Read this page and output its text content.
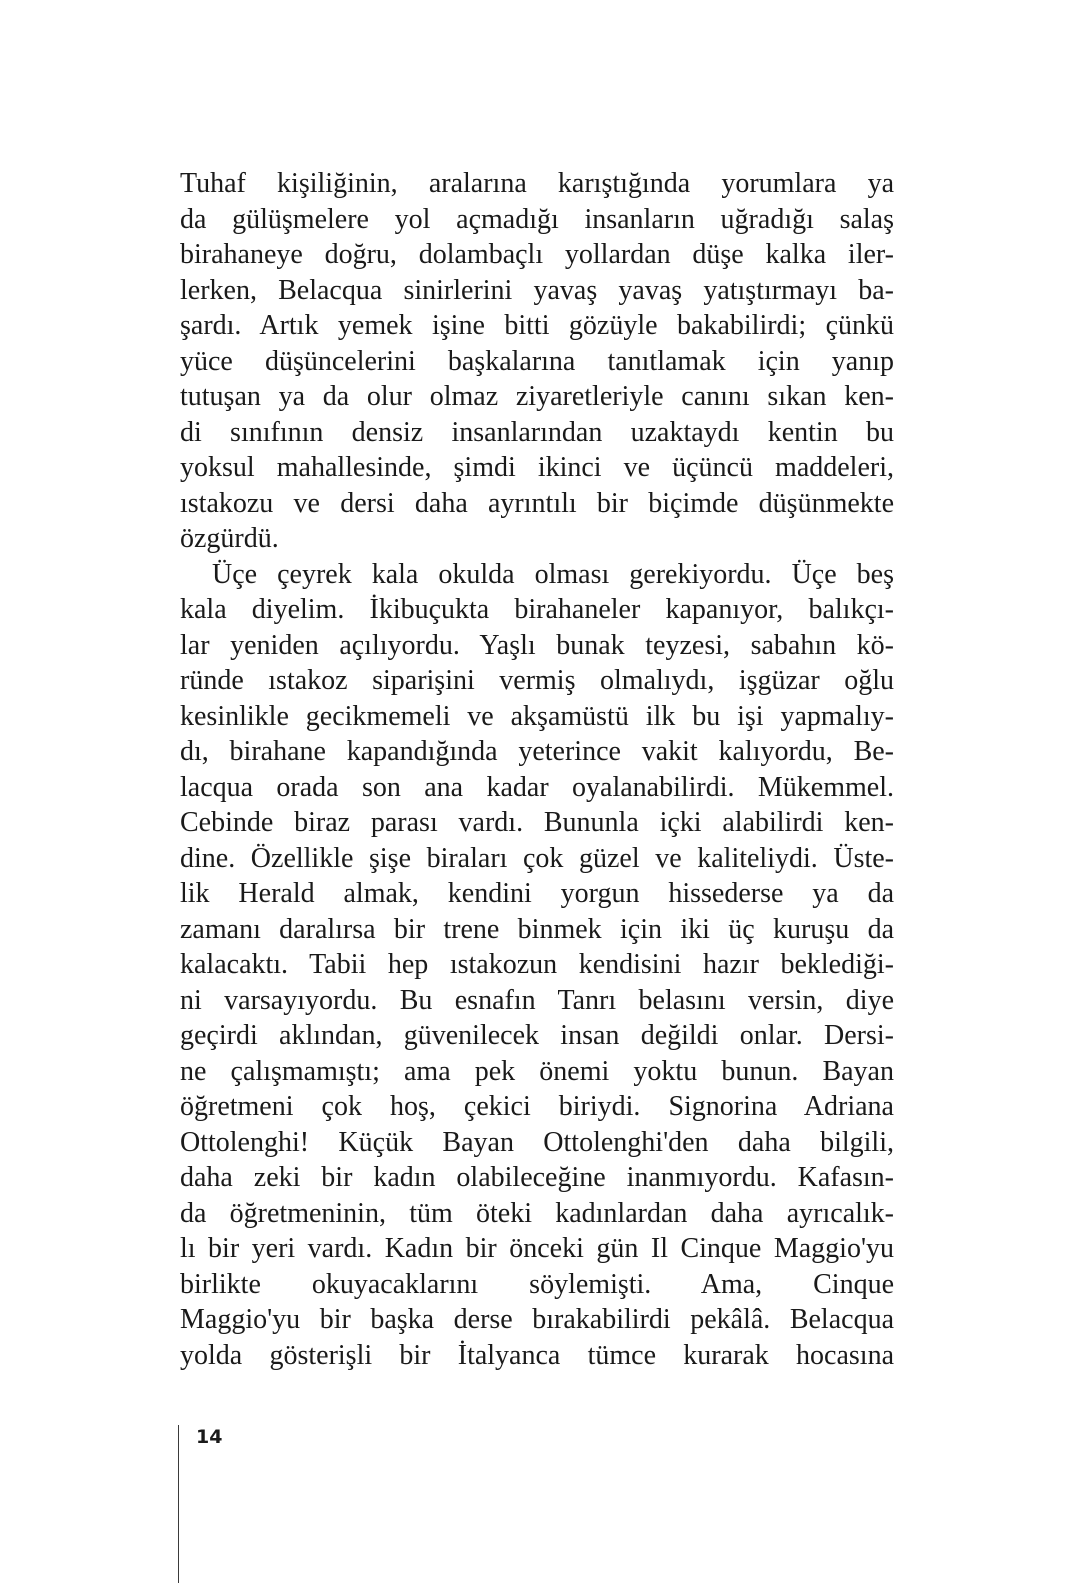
Tuhaf kişiliğinin, aralarına karıştığında yorumlara ya
da gülüşmelere yol açmadığı insanların uğradığı salaş
birahaneye doğru, dolambaçlı yollardan düşe kalka iler-
lerken, Belacqua sinirlerini yavaş yavaş yatıştırmayı ba-
şardı. Artık yemek işine bitti gözüyle bakabilirdi; çünkü
yüce düşüncelerini başkalarına tanıtlamak için yanıp
tutuşan ya da olur olmaz ziyaretleriyle canını sıkan ken-
di sınıfının densiz insanlarından uzaktaydı kentin bu
yoksul mahallesinde, şimdi ikinci ve üçüncü maddeleri,
ıstakozu ve dersi daha ayrıntılı bir biçimde düşünmekte
özgürdü.
Üçe çeyrek kala okulda olması gerekiyordu. Üçe beş
kala diyelim. İkibuçukta birahaneler kapanıyor, balıkçı-
lar yeniden açılıyordu. Yaşlı bunak teyzesi, sabahın kö-
ründe ıstakoz siparişini vermiş olmalıydı, işgüzar oğlu
kesinlikle gecikmemeli ve akşamüstü ilk bu işi yapmalıy-
dı, birahane kapandığında yeterince vakit kalıyordu, Be-
lacqua orada son ana kadar oyalanabilirdi. Mükemmel.
Cebinde biraz parası vardı. Bununla içki alabilirdi ken-
dine. Özellikle şişe biraları çok güzel ve kaliteliydi. Üste-
lik Herald almak, kendini yorgun hissederse ya da
zamanı daralırsa bir trene binmek için iki üç kuruşu da
kalacaktı. Tabii hep ıstakozun kendisini hazır beklediği-
ni varsayıyordu. Bu esnafın Tanrı belasını versin, diye
geçirdi aklından, güvenilecek insan değildi onlar. Dersi-
ne çalışmamıştı; ama pek önemi yoktu bunun. Bayan
öğretmeni çok hoş, çekici biriydi. Signorina Adriana
Ottolenghi! Küçük Bayan Ottolenghi'den daha bilgili,
daha zeki bir kadın olabileceğine inanmıyordu. Kafasın-
da öğretmeninin, tüm öteki kadınlardan daha ayrıcalık-
lı bir yeri vardı. Kadın bir önceki gün Il Cinque Maggio'yu
birlikte okuyacaklarını söylemişti. Ama, Cinque
Maggio'yu bir başka derse bırakabilirdi pekâlâ. Belacqua
yolda gösterişli bir İtalyanca tümce kurarak hocasına
14
